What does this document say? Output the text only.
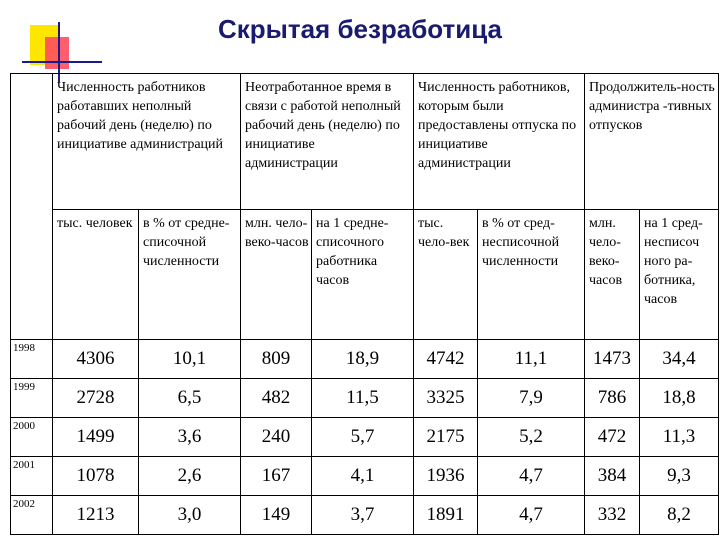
Скрытая безработица
	Численность работников работавших неполный рабочий день (неделю) по инициативе администраций		Неотработанное время в связи с работой неполный рабочий день (неделю) по инициативе администрации		Численность работников, которым были предоставлены отпуска по инициативе администрации		Продолжитель-ность администра -тивных отпусков	
	тыс. человек	в % от средне-списочной численности	млн. чело-веко-часов	на 1 средне-списочного работника часов	тыс. чело-век	в % от сред-несписочной численности	млн. чело-веко-часов	на 1 сред-несписоч ного ра-ботника, часов
1998	4306	10,1	809	18,9	4742	11,1	1473	34,4
1999	2728	6,5	482	11,5	3325	7,9	786	18,8
2000	1499	3,6	240	5,7	2175	5,2	472	11,3
2001	1078	2,6	167	4,1	1936	4,7	384	9,3
2002	1213	3,0	149	3,7	1891	4,7	332	8,2
